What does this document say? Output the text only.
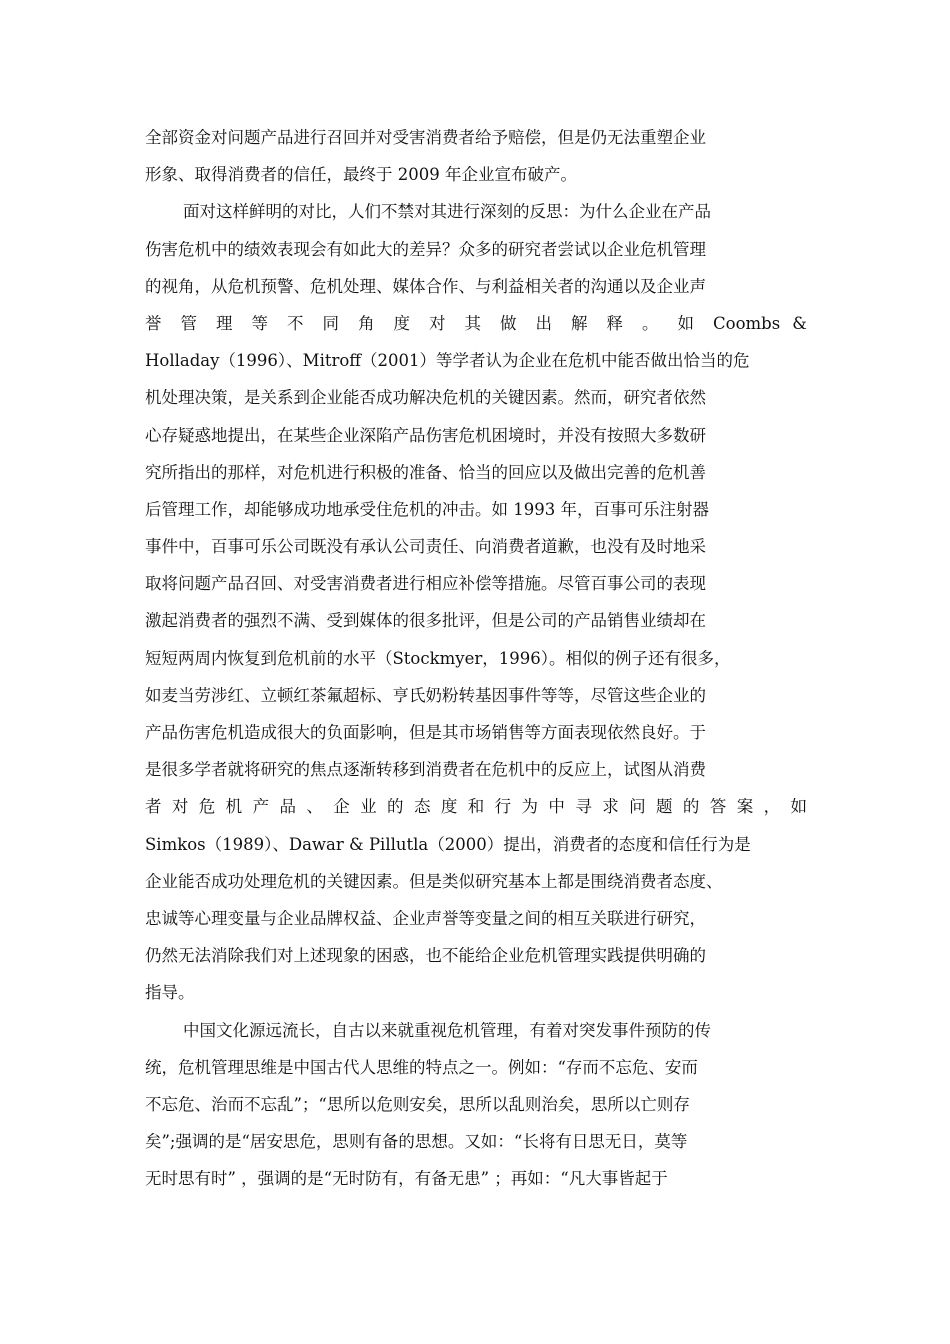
全部资金对问题产品进行召回并对受害消费者给予赔偿，但是仍无法重塑企业
形象、取得消费者的信任，最终于 2009 年企业宣布破产。
面对这样鲜明的对比，人们不禁对其进行深刻的反思：为什么企业在产品
伤害危机中的绩效表现会有如此大的差异？众多的研究者尝试以企业危机管理
的视角，从危机预警、危机处理、媒体合作、与利益相关者的沟通以及企业声
誉 管 理 等 不 同 角 度 对 其 做 出 解 释 。 如 Coombs &
Holladay（1996）、Mitroff（2001）等学者认为企业在危机中能否做出恰当的危
机处理决策，是关系到企业能否成功解决危机的关键因素。然而，研究者依然
心存疑惑地提出，在某些企业深陷产品伤害危机困境时，并没有按照大多数研
究所指出的那样，对危机进行积极的准备、恰当的回应以及做出完善的危机善
后管理工作，却能够成功地承受住危机的冲击。如 1993 年，百事可乐注射器
事件中，百事可乐公司既没有承认公司责任、向消费者道歉，也没有及时地采
取将问题产品召回、对受害消费者进行相应补偿等措施。尽管百事公司的表现
激起消费者的强烈不满、受到媒体的很多批评，但是公司的产品销售业绩却在
短短两周内恢复到危机前的水平（Stockmyer，1996）。相似的例子还有很多，
如麦当劳涉红、立顿红茶氟超标、亨氏奶粉转基因事件等等，尽管这些企业的
产品伤害危机造成很大的负面影响，但是其市场销售等方面表现依然良好。于
是很多学者就将研究的焦点逐渐转移到消费者在危机中的反应上，试图从消费
者 对 危 机 产 品 、 企 业 的 态 度 和 行 为 中 寻 求 问 题 的 答 案 ， 如
Simkos（1989）、Dawar & Pillutla（2000）提出，消费者的态度和信任行为是
企业能否成功处理危机的关键因素。但是类似研究基本上都是围绕消费者态度、
忠诚等心理变量与企业品牌权益、企业声誉等变量之间的相互关联进行研究，
仍然无法消除我们对上述现象的困惑，也不能给企业危机管理实践提供明确的
指导。
中国文化源远流长，自古以来就重视危机管理，有着对突发事件预防的传
统，危机管理思维是中国古代人思维的特点之一。例如：“存而不忘危、安而
不忘危、治而不忘乱”；“思所以危则安矣，思所以乱则治矣，思所以亡则存
矣”;强调的是“居安思危，思则有备的思想。又如：“长将有日思无日，莫等
无时思有时” ，强调的是“无时防有，有备无患” ；再如：“凡大事皆起于
